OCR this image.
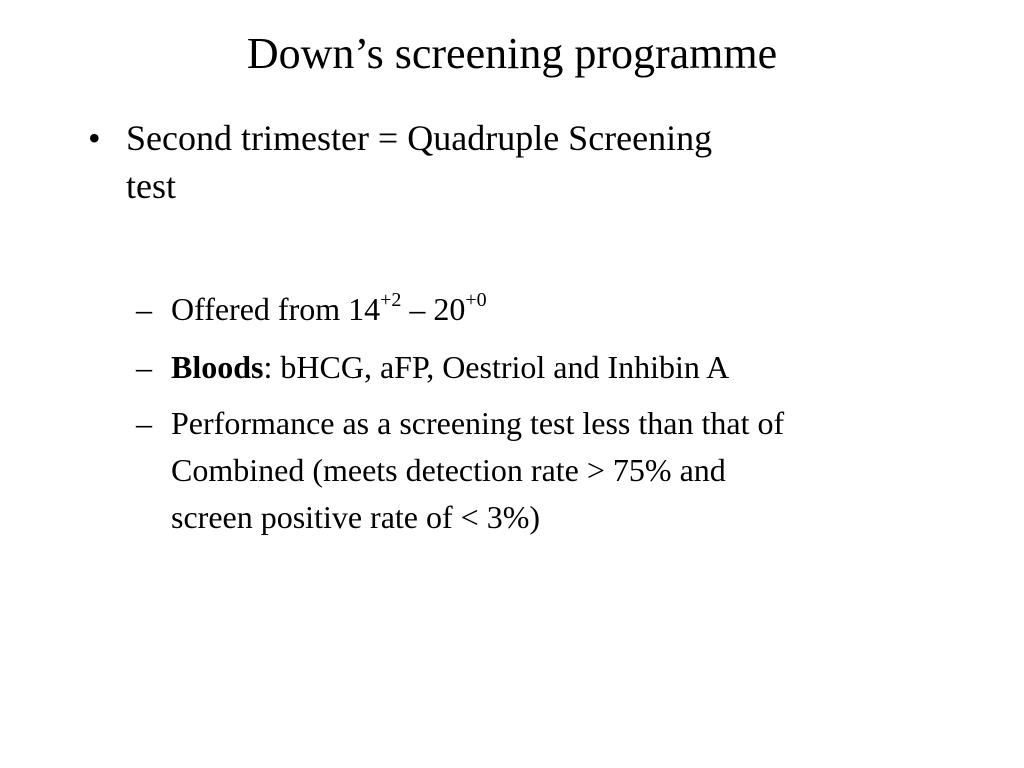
Down’s screening programme
• Second trimester = Quadruple Screening
test
– Offered from $14^{+2} - 20^{+0}$
– Bloods: bHCG, aFP, Oestriol and Inhibin A
– Performance as a screening test less than that of
Combined (meets detection rate > 75% and
screen positive rate of < 3%)
